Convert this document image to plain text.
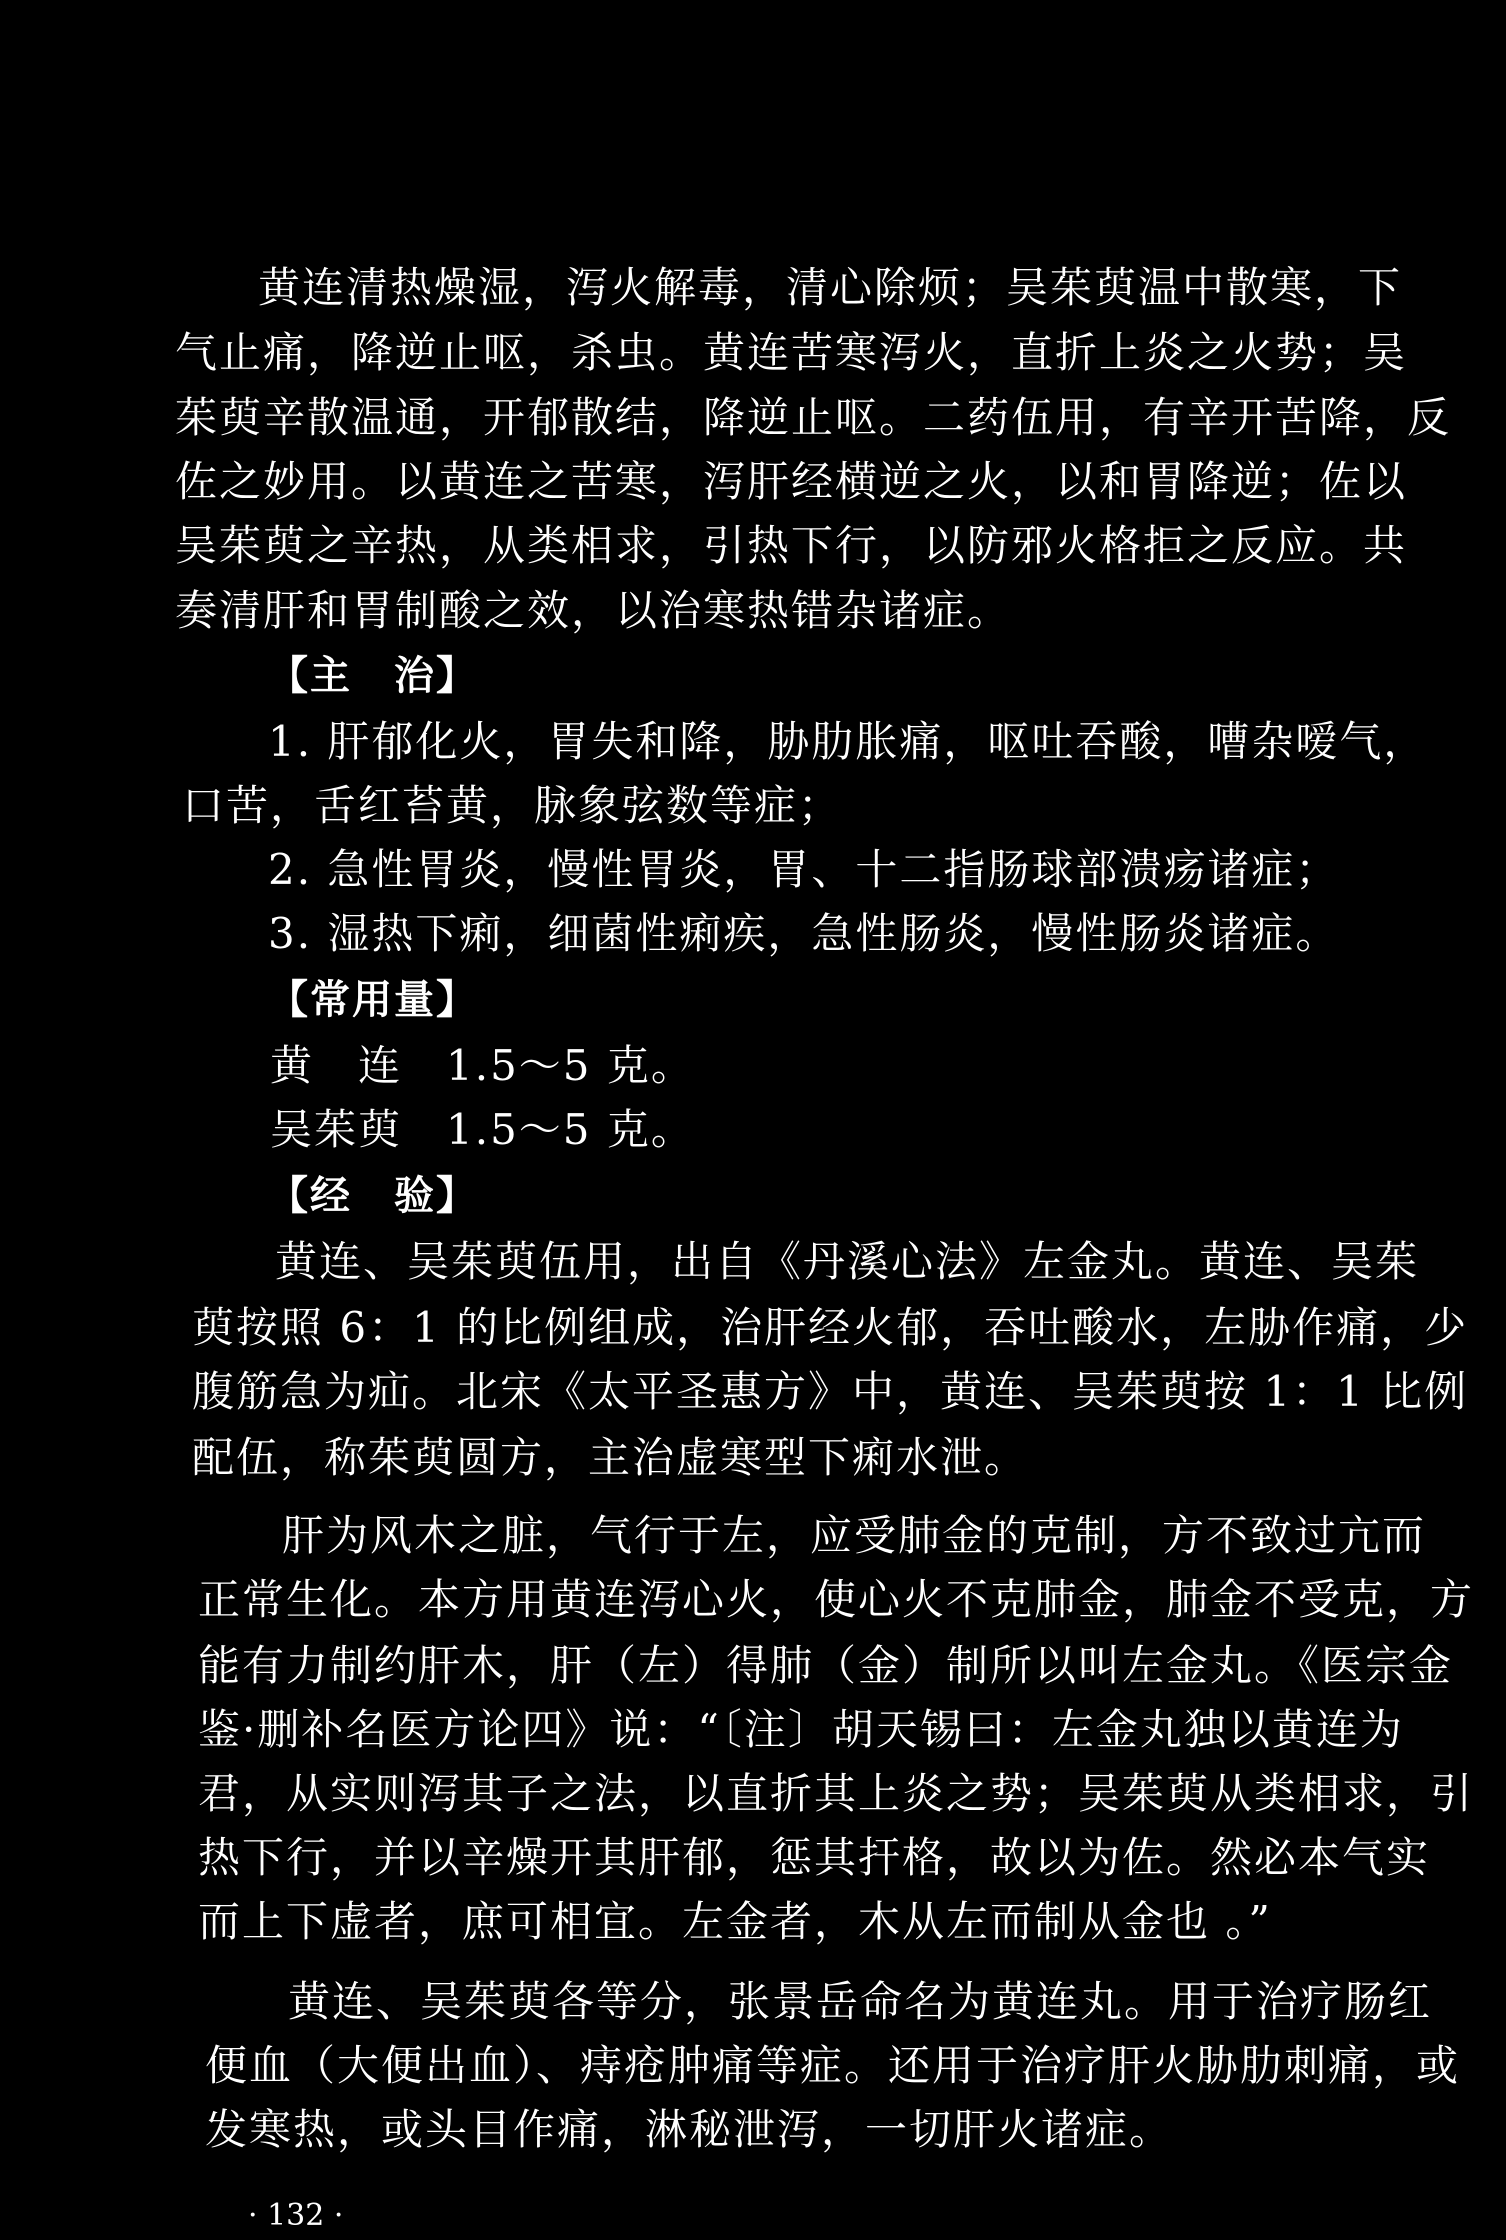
黄连清热燥湿，泻火解毒，清心除烦；吴茱萸温中散寒，下
气止痛，降逆止呕，杀虫。黄连苦寒泻火，直折上炎之火势；吴
茱萸辛散温通，开郁散结，降逆止呕。二药伍用，有辛开苦降，反
佐之妙用。以黄连之苦寒，泻肝经横逆之火，以和胃降逆；佐以
吴茱萸之辛热，从类相求，引热下行，以防邪火格拒之反应。共
奏清肝和胃制酸之效，以治寒热错杂诸症。
【主　治】
1. 肝郁化火，胃失和降，胁肋胀痛，呕吐吞酸，嘈杂嗳气，
口苦，舌红苔黄，脉象弦数等症；
2. 急性胃炎，慢性胃炎，胃、十二指肠球部溃疡诸症；
3. 湿热下痢，细菌性痢疾，急性肠炎，慢性肠炎诸症。
【常用量】
黄　连　1.5～5 克。
吴茱萸　1.5～5 克。
【经　验】
黄连、吴茱萸伍用，出自《丹溪心法》左金丸。黄连、吴茱
萸按照 6：1 的比例组成，治肝经火郁，吞吐酸水，左胁作痛，少
腹筋急为疝。北宋《太平圣惠方》中，黄连、吴茱萸按 1：1 比例
配伍，称茱萸圆方，主治虚寒型下痢水泄。
肝为风木之脏，气行于左，应受肺金的克制，方不致过亢而
正常生化。本方用黄连泻心火，使心火不克肺金，肺金不受克，方
能有力制约肝木，肝（左）得肺（金）制所以叫左金丸。《医宗金
鉴·删补名医方论四》说：“〔注〕胡天锡曰：左金丸独以黄连为
君，从实则泻其子之法，以直折其上炎之势；吴茱萸从类相求，引
热下行，并以辛燥开其肝郁，惩其扞格，故以为佐。然必本气实
而上下虚者，庶可相宜。左金者，木从左而制从金也 。”
黄连、吴茱萸各等分，张景岳命名为黄连丸。用于治疗肠红
便血（大便出血）、痔疮肿痛等症。还用于治疗肝火胁肋刺痛，或
发寒热，或头目作痛，淋秘泄泻，一切肝火诸症。
· 132 ·
